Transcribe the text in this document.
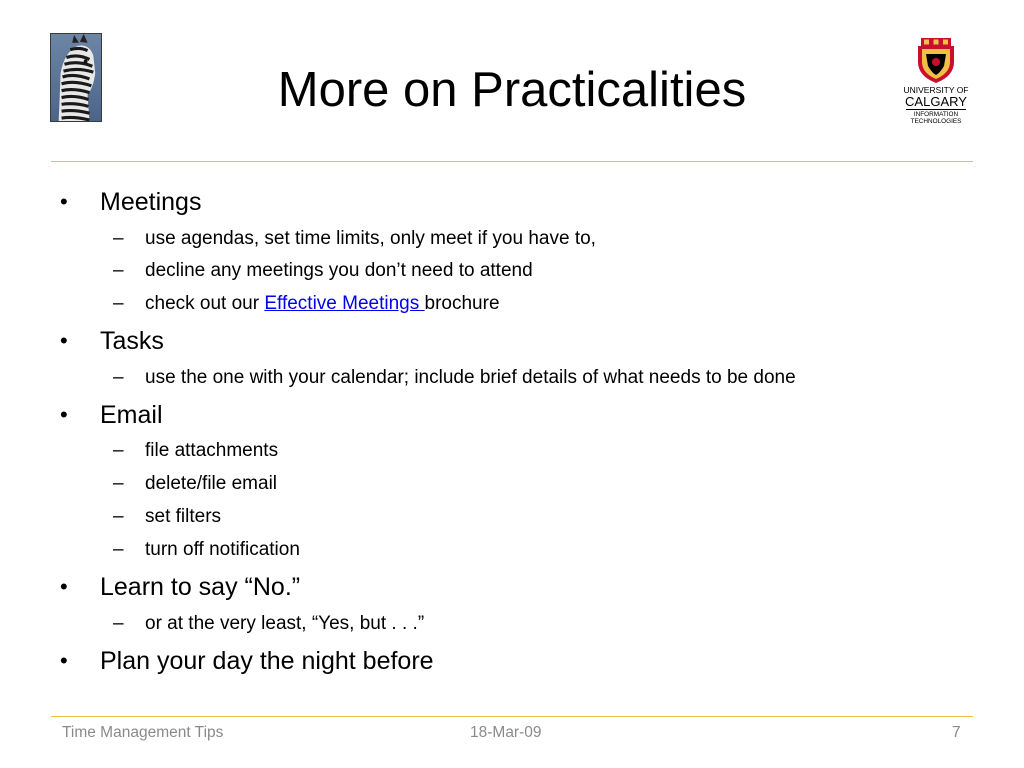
More on Practicalities	UNIVERSITY OF
CALGARY
INFORMATION
TECHNOLOGIES
• Meetings
– use agendas, set time limits, only meet if you have to,
– decline any meetings you don’t need to attend
– check out our Effective Meetings brochure
• Tasks
– use the one with your calendar; include brief details of what needs to be done
• Email
– file attachments
– delete/file email
– set filters
– turn off notification
• Learn to say “No.”
– or at the very least, “Yes, but . . .”
• Plan your day the night before
Time Management Tips	18-Mar-09	7
